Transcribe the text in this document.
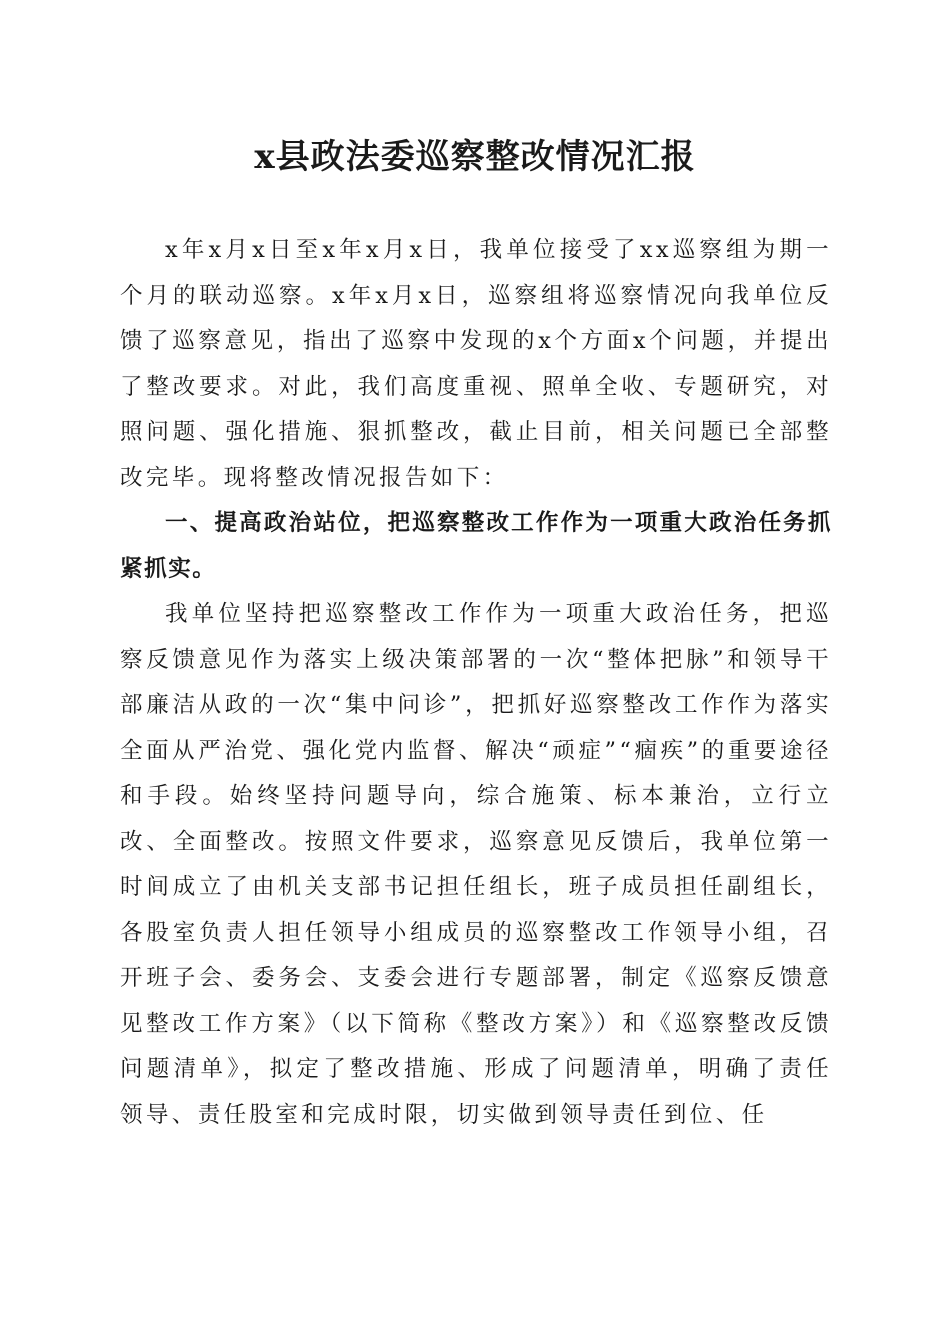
x县政法委巡察整改情况汇报

x年x月x日至x年x月x日，我单位接受了xx巡察组为期一个月的联动巡察。x年x月x日，巡察组将巡察情况向我单位反馈了巡察意见，指出了巡察中发现的x个方面x个问题，并提出了整改要求。对此，我们高度重视、照单全收、专题研究，对照问题、强化措施、狠抓整改，截止目前，相关问题已全部整改完毕。现将整改情况报告如下：

一、提高政治站位，把巡察整改工作作为一项重大政治任务抓紧抓实。

我单位坚持把巡察整改工作作为一项重大政治任务，把巡察反馈意见作为落实上级决策部署的一次“整体把脉”和领导干部廉洁从政的一次“集中问诊”，把抓好巡察整改工作作为落实全面从严治党、强化党内监督、解决“顽症”“痼疾”的重要途径和手段。始终坚持问题导向，综合施策、标本兼治，立行立改、全面整改。按照文件要求，巡察意见反馈后，我单位第一时间成立了由机关支部书记担任组长，班子成员担任副组长，各股室负责人担任领导小组成员的巡察整改工作领导小组，召开班子会、委务会、支委会进行专题部署，制定《巡察反馈意见整改工作方案》（以下简称《整改方案》）和《巡察整改反馈问题清单》，拟定了整改措施、形成了问题清单，明确了责任领导、责任股室和完成时限，切实做到领导责任到位、任
